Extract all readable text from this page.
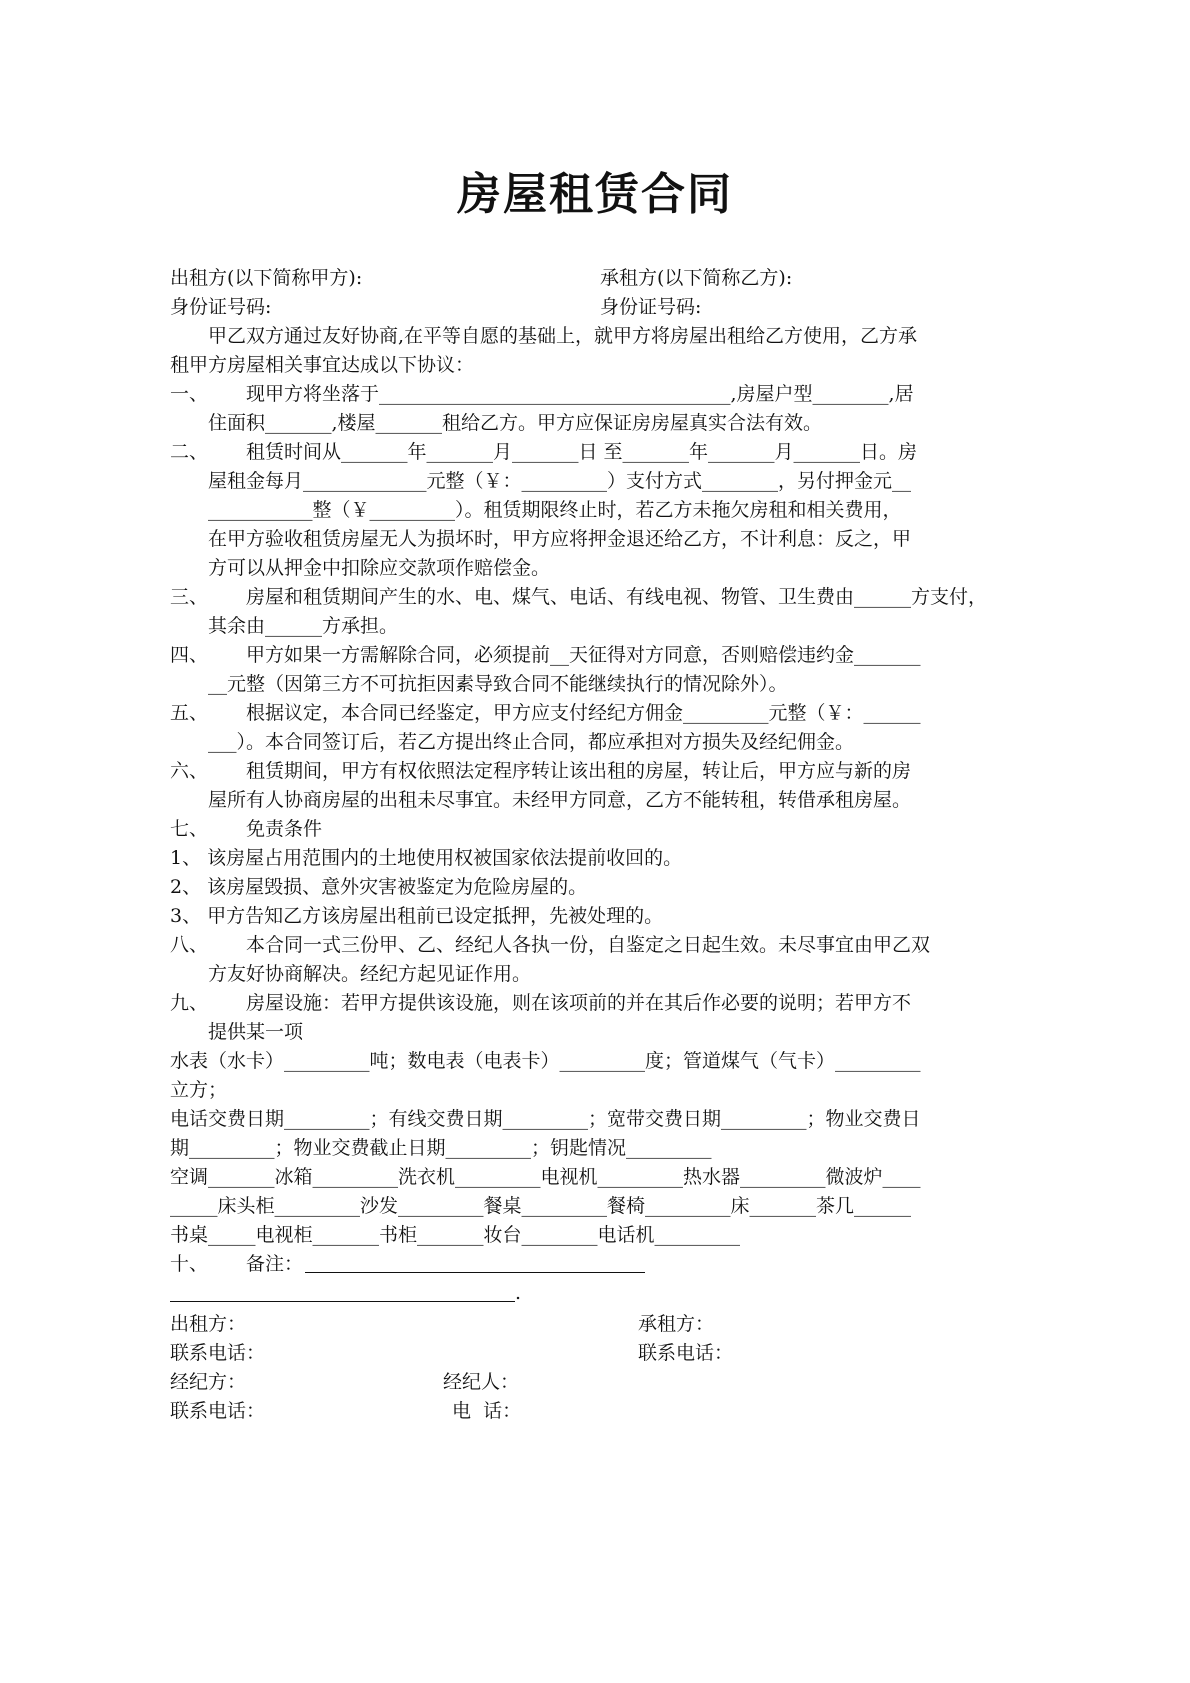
房屋租赁合同
出租方(以下简称甲方):	承租方(以下简称乙方):
身份证号码:	身份证号码:
甲乙双方通过友好协商,在平等自愿的基础上，就甲方将房屋出租给乙方使用，乙方承
租甲方房屋相关事宜达成以下协议：
一、 现甲方将坐落于_____________________________________,房屋户型________,居
住面积_______,楼屋_______租给乙方。甲方应保证房房屋真实合法有效。
二、 租赁时间从_______年_______月_______日 至_______年_______月_______日。房
屋租金每月_____________元整（￥：_________）支付方式________，另付押金元__
___________整（￥_________）。租赁期限终止时，若乙方未拖欠房租和相关费用，
在甲方验收租赁房屋无人为损坏时，甲方应将押金退还给乙方，不计利息：反之，甲
方可以从押金中扣除应交款项作赔偿金。
三、 房屋和租赁期间产生的水、电、煤气、电话、有线电视、物管、卫生费由______方支付，
其余由______方承担。
四、 甲方如果一方需解除合同，必须提前__天征得对方同意，否则赔偿违约金_______
__元整（因第三方不可抗拒因素导致合同不能继续执行的情况除外）。
五、 根据议定，本合同已经鉴定，甲方应支付经纪方佣金_________元整（￥：______
___）。本合同签订后，若乙方提出终止合同，都应承担对方损失及经纪佣金。
六、 租赁期间，甲方有权依照法定程序转让该出租的房屋，转让后，甲方应与新的房
屋所有人协商房屋的出租未尽事宜。未经甲方同意，乙方不能转租，转借承租房屋。
七、 免责条件
1、 该房屋占用范围内的土地使用权被国家依法提前收回的。
2、 该房屋毁损、意外灾害被鉴定为危险房屋的。
3、 甲方告知乙方该房屋出租前已设定抵押，先被处理的。
八、 本合同一式三份甲、乙、经纪人各执一份，自鉴定之日起生效。未尽事宜由甲乙双
方友好协商解决。经纪方起见证作用。
九、 房屋设施：若甲方提供该设施，则在该项前的并在其后作必要的说明；若甲方不
提供某一项
水表（水卡）_________吨；数电表（电表卡）_________度；管道煤气（气卡）_________
立方；
电话交费日期_________；有线交费日期_________；宽带交费日期_________；物业交费日
期_________；物业交费截止日期_________；钥匙情况_________
空调_______冰箱_________洗衣机_________电视机_________热水器_________微波炉____
_____床头柜_________沙发_________餐桌_________餐椅_________床_______茶几______
书桌_____电视柜_______书柜_______妆台________电话机_________
十、 备注：
.
出租方：	承租方：
联系电话：	联系电话：
经纪方：	经纪人：
联系电话：	电  话：
